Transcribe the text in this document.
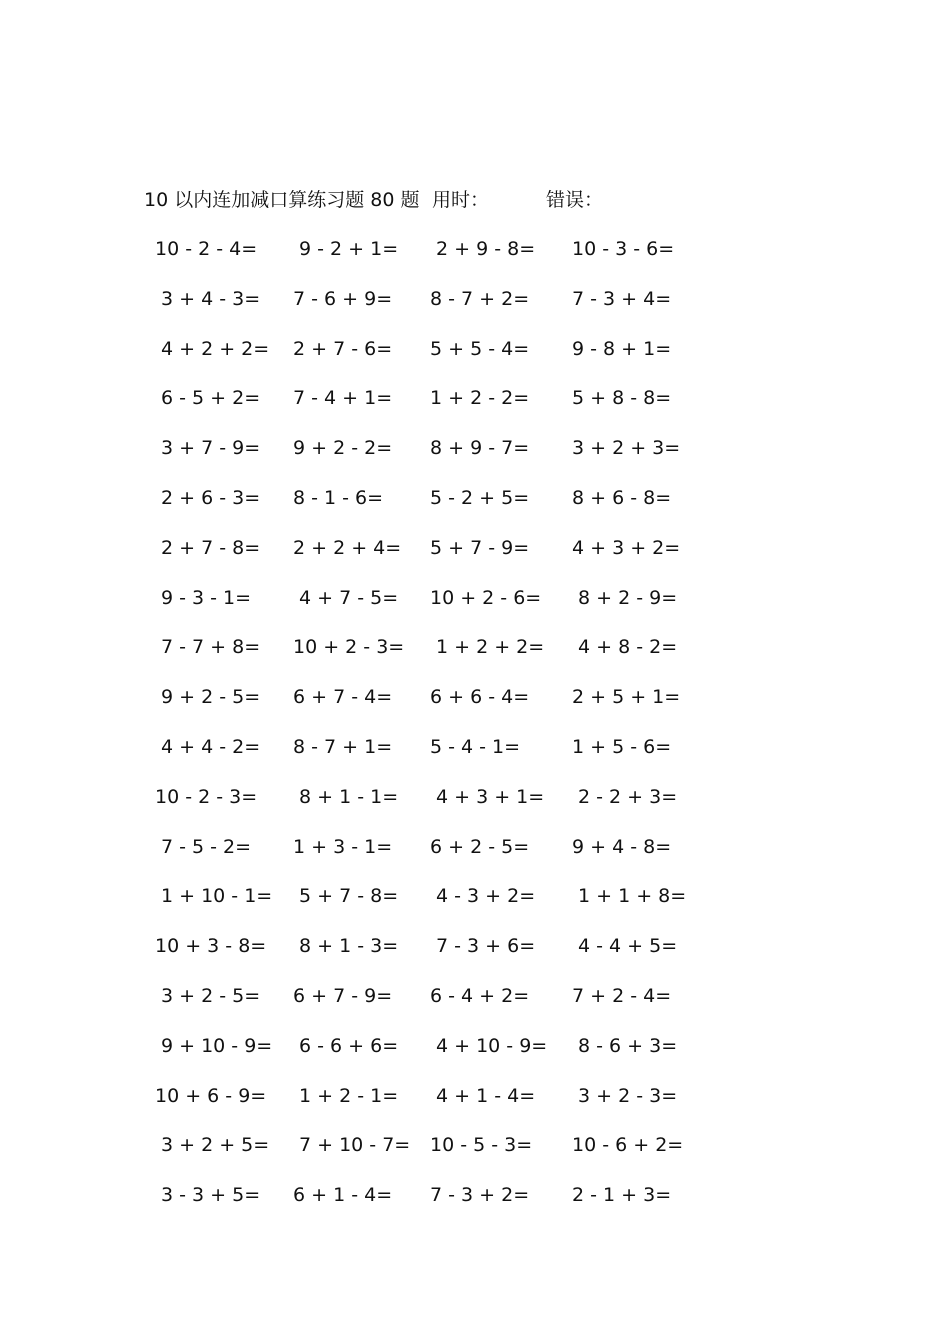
10 以内连加减口算练习题 80 题 用时：	错误：
10 - 2 - 4= 9 - 2 + 1= 2 + 9 - 8= 10 - 3 - 6=
3 + 4 - 3= 7 - 6 + 9= 8 - 7 + 2= 7 - 3 + 4=
4 + 2 + 2= 2 + 7 - 6= 5 + 5 - 4= 9 - 8 + 1=
6 - 5 + 2= 7 - 4 + 1= 1 + 2 - 2= 5 + 8 - 8=
3 + 7 - 9= 9 + 2 - 2= 8 + 9 - 7= 3 + 2 + 3=
2 + 6 - 3= 8 - 1 - 6= 5 - 2 + 5= 8 + 6 - 8=
2 + 7 - 8= 2 + 2 + 4= 5 + 7 - 9= 4 + 3 + 2=
9 - 3 - 1=	4 + 7 - 5= 10 + 2 - 6= 8 + 2 - 9=
7 - 7 + 8= 10 + 2 - 3= 1 + 2 + 2= 4 + 8 - 2=
9 + 2 - 5= 6 + 7 - 4= 6 + 6 - 4= 2 + 5 + 1=
4 + 4 - 2= 8 - 7 + 1= 5 - 4 - 1=	1 + 5 - 6=
10 - 2 - 3= 8 + 1 - 1= 4 + 3 + 1= 2 - 2 + 3=
7 - 5 - 2= 1 + 3 - 1= 6 + 2 - 5= 9 + 4 - 8=
1 + 10 - 1= 5 + 7 - 8= 4 - 3 + 2= 1 + 1 + 8=
10 + 3 - 8= 8 + 1 - 3= 7 - 3 + 6= 4 - 4 + 5=
3 + 2 - 5= 6 + 7 - 9= 6 - 4 + 2= 7 + 2 - 4=
9 + 10 - 9= 6 - 6 + 6= 4 + 10 - 9= 8 - 6 + 3=
10 + 6 - 9= 1 + 2 - 1= 4 + 1 - 4= 3 + 2 - 3=
3 + 2 + 5= 7 + 10 - 7= 10 - 5 - 3= 10 - 6 + 2=
3 - 3 + 5= 6 + 1 - 4= 7 - 3 + 2= 2 - 1 + 3=
